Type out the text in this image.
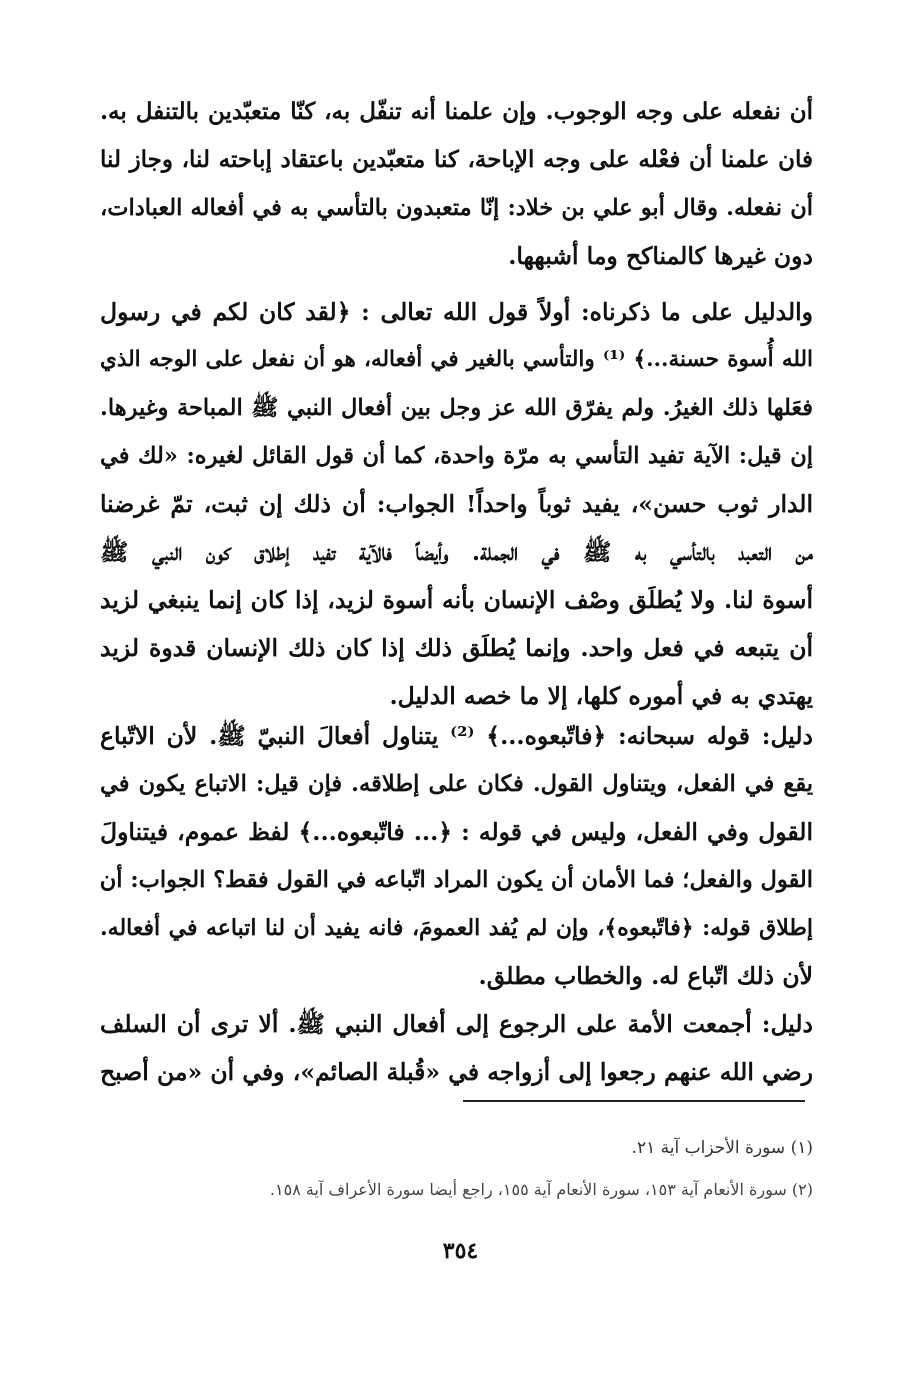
أن نفعله على وجه الوجوب. وإن علمنا أنه تنفّل به، كنّا متعبّدين بالتنفل به.
فان علمنا أن فعْله على وجه الإباحة، كنا متعبّدين باعتقاد إباحته لنا، وجاز لنا
أن نفعله. وقال أبو علي بن خلاد: إنّا متعبدون بالتأسي به في أفعاله العبادات،
دون غيرها كالمناكح وما أشبهها.
والدليل على ما ذكرناه: أولاً قول الله تعالى : ﴿لقد كان لكم في رسول
الله أُسوة حسنة...﴾ ⁽¹⁾ والتأسي بالغير في أفعاله، هو أن نفعل على الوجه الذي
فعَلها ذلك الغيرُ. ولم يفرّق الله عز وجل بين أفعال النبي ﷺ المباحة وغيرها.
إن قيل: الآية تفيد التأسي به مرّة واحدة، كما أن قول القائل لغيره: «لك في
الدار ثوب حسن»، يفيد ثوباً واحداً! الجواب: أن ذلك إن ثبت، تمّ غرضنا
من التعبد بالتأسي به ﷺ في الجملة. وأيضاً فالآية تفيد إطلاق كون النبي ﷺ
أسوة لنا. ولا يُطلَق وصْف الإنسان بأنه أسوة لزيد، إذا كان إنما ينبغي لزيد
أن يتبعه في فعل واحد. وإنما يُطلَق ذلك إذا كان ذلك الإنسان قدوة لزيد
يهتدي به في أموره كلها، إلا ما خصه الدليل.
دليل: قوله سبحانه: ﴿فاتّبعوه...﴾ ⁽²⁾ يتناول أفعالَ النبيّ ﷺ. لأن الاتّباع
يقع في الفعل، ويتناول القول. فكان على إطلاقه. فإن قيل: الاتباع يكون في
القول وفي الفعل، وليس في قوله : ﴿... فاتّبعوه...﴾ لفظ عموم، فيتناولَ
القول والفعل؛ فما الأمان أن يكون المراد اتّباعه في القول فقط؟ الجواب: أن
إطلاق قوله: ﴿فاتّبعوه﴾، وإن لم يُفد العمومَ، فانه يفيد أن لنا اتباعه في أفعاله.
لأن ذلك اتّباع له. والخطاب مطلق.
دليل: أجمعت الأمة على الرجوع إلى أفعال النبي ﷺ. ألا ترى أن السلف
رضي الله عنهم رجعوا إلى أزواجه في «قُبلة الصائم»، وفي أن «من أصبح
(١) سورة الأحزاب آية ٢١.
(٢) سورة الأنعام آية ١٥٣، سورة الأنعام آية ١٥٥، راجع أيضا سورة الأعراف آية ١٥٨.
٣٥٤
